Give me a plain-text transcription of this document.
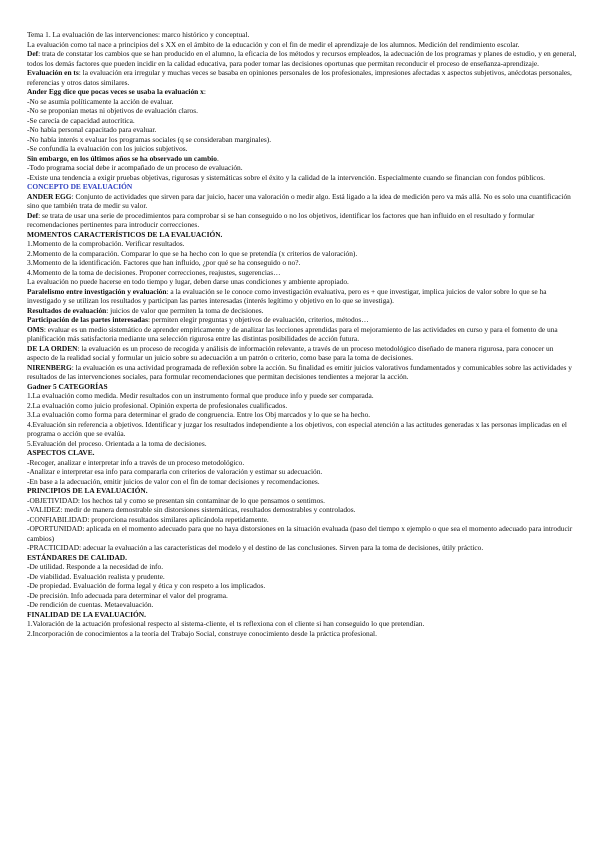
Tema 1. La evaluación de las intervenciones: marco histórico y conceptual.

La evaluación como tal nace a principios del s XX en el ámbito de la educación y con el fin de medir el aprendizaje de los alumnos. Medición del rendimiento escolar.

Def: trata de constatar los cambios que se han producido en el alumno, la eficacia de los métodos y recursos empleados, la adecuación de los programas y planes de estudio, y en general, todos los demás factores que pueden incidir en la calidad educativa, para poder tomar las decisiones oportunas que permitan reconducir el proceso de enseñanza-aprendizaje.

Evaluación en ts: la evaluación era irregular y muchas veces se basaba en opiniones personales de los profesionales, impresiones afectadas x aspectos subjetivos, anécdotas personales, referencias y otros datos similares.

Ander Egg dice que pocas veces se usaba la evaluación x:

-No se asumía políticamente la acción de evaluar.

-No se proponían metas ni objetivos de evaluación claros.

-Se carecía de capacidad autocrítica.

-No había personal capacitado para evaluar.

-No había interés x evaluar los programas sociales (q se consideraban marginales).

-Se confundía la evaluación con los juicios subjetivos.

Sin embargo, en los últimos años se ha observado un cambio.

-Todo programa social debe ir acompañado de un proceso de evaluación.

-Existe una tendencia a exigir pruebas objetivas, rigurosas y sistemáticas sobre el éxito y la calidad de la intervención. Especialmente cuando se financian con fondos públicos.

CONCEPTO DE EVALUACIÓN

ANDER EGG: Conjunto de actividades que sirven para dar juicio, hacer una valoración o medir algo. Está ligado a la idea de medición pero va más allá. No es solo una cuantificación sino que también trata de medir su valor.

Def: se trata de usar una serie de procedimientos para comprobar si se han conseguido o no los objetivos, identificar los factores que han influido en el resultado y formular recomendaciones pertinentes para introducir correcciones.

MOMENTOS CARACTERÍSTICOS DE LA EVALUACIÓN.

1.Momento de la comprobación. Verificar resultados.

2.Momento de la comparación. Comparar lo que se ha hecho con lo que se pretendía (x criterios de valoración).

3.Momento de la identificación. Factores que han influido, ¿por qué se ha conseguido o no?.

4.Momento de la toma de decisiones. Proponer correcciones, reajustes, sugerencias…

La evaluación no puede hacerse en todo tiempo y lugar, deben darse unas condiciones y ambiente apropiado.

Paralelismo entre investigación y evaluación: a la evaluación se le conoce como investigación evaluativa, pero es + que investigar, implica juicios de valor sobre lo que se ha investigado y se utilizan los resultados y participan las partes interesadas (interés legítimo y objetivo en lo que se investiga).

Resultados de evaluación: juicios de valor que permiten la toma de decisiones.

Participación de las partes interesadas: permiten elegir preguntas y objetivos de evaluación, criterios, métodos…

OMS: evaluar es un medio sistemático de aprender empíricamente y de analizar las lecciones aprendidas para el mejoramiento de las actividades en curso y para el fomento de una planificación más satisfactoria mediante una selección rigurosa entre las distintas posibilidades de acción futura.

DE LA ORDEN: la evaluación es un proceso de recogida y análisis de información relevante, a través de un proceso metodológico diseñado de manera rigurosa, para conocer un aspecto de la realidad social y formular un juicio sobre su adecuación a un patrón o criterio, como base para la toma de decisiones.

NIRENBERG: la evaluación es una actividad programada de reflexión sobre la acción. Su finalidad es emitir juicios valorativos fundamentados y comunicables sobre las actividades y resultados de las intervenciones sociales, para formular recomendaciones que permitan decisiones tendientes a mejorar la acción.

Gadner 5 CATEGORÍAS

1.La evaluación como medida. Medir resultados con un instrumento formal que produce info y puede ser comparada.

2.La evaluación como juicio profesional. Opinión experta de profesionales cualificados.

3.La evaluación como forma para determinar el grado de congruencia. Entre los Obj marcados y lo que se ha hecho.

4.Evaluación sin referencia a objetivos. Identificar y juzgar los resultados independiente a los objetivos, con especial atención a las actitudes generadas x las personas implicadas en el programa o acción que se evalúa.

5.Evaluación del proceso. Orientada a la toma de decisiones.

ASPECTOS CLAVE.

-Recoger, analizar e interpretar info a través de un proceso metodológico.

-Analizar e interpretar esa info para compararla con criterios de valoración y estimar su adecuación.

-En base a la adecuación, emitir juicios de valor con el fin de tomar decisiones y recomendaciones.

PRINCIPIOS DE LA EVALUACIÓN.

-OBJETIVIDAD: los hechos tal y como se presentan sin contaminar de lo que pensamos o sentimos.

-VALIDEZ: medir de manera demostrable sin distorsiones sistemáticas, resultados demostrables y controlados.

-CONFIABILIDAD: proporciona resultados similares aplicándola repetidamente.

-OPORTUNIDAD: aplicada en el momento adecuado para que no haya distorsiones en la situación evaluada (paso del tiempo x ejemplo o que sea el momento adecuado para introducir cambios)

-PRACTICIDAD: adecuar la evaluación a las características del modelo y el destino de las conclusiones. Sirven para la toma de decisiones, útily práctico.

ESTÁNDARES DE CALIDAD.

-De utilidad. Responde a la necesidad de info.

-De viabilidad. Evaluación realista y prudente.

-De propiedad. Evaluación de forma legal y ética y con respeto a los implicados.

-De precisión. Info adecuada para determinar el valor del programa.

-De rendición de cuentas. Metaevaluación.

FINALIDAD DE LA EVALUACIÓN.

1.Valoración de la actuación profesional respecto al sistema-cliente, el ts reflexiona con el cliente si han conseguido lo que pretendían.

2.Incorporación de conocimientos a la teoría del Trabajo Social, construye conocimiento desde la práctica profesional.
